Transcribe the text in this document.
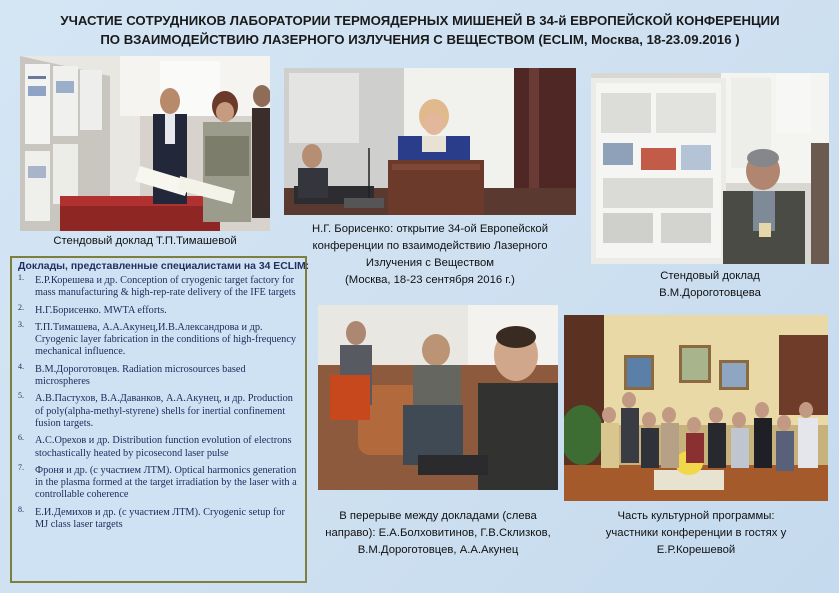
УЧАСТИЕ СОТРУДНИКОВ ЛАБОРАТОРИИ ТЕРМОЯДЕРНЫХ МИШЕНЕЙ В 34-й ЕВРОПЕЙСКОЙ КОНФЕРЕНЦИИ
ПО ВЗАИМОДЕЙСТВИЮ ЛАЗЕРНОГО ИЗЛУЧЕНИЯ С ВЕЩЕСТВОМ (ECLIM, Москва, 18-23.09.2016 )
Стендовый доклад Т.П.Тимашевой
Н.Г. Борисенко: открытие 34-ой Европейской
конференции по взаимодействию Лазерного
Излучения с Веществом
(Москва, 18-23 сентября 2016 г.)	Стендовый доклад
В.М.Дороготовцева
В перерыве между докладами (слева
направо): Е.А.Болховитинов, Г.В.Склизков,
В.М.Дороготовцев, А.А.Акунец
Часть культурной программы:
участники конференции в гостях у
Е.Р.Корешевой
Доклады, представленные специалистами на 34 ECLIM:
1. Е.Р.Корешева и др. Conception of cryogenic target factory for mass manufacturing & high-rep-rate delivery of the IFE targets
2. Н.Г.Борисенко. MWTA efforts.
3. Т.П.Тимашева, А.А.Акунец,И.В.Александрова и др. Cryogenic layer fabrication in the conditions of high-frequency mechanical influence.
4. В.М.Дороготовцев. Radiation microsources based microspheres
5. А.В.Пастухов, В.А.Даванков, А.А.Акунец, и др. Production of poly(alpha-methyl-styrene) shells for inertial confinement fusion targets.
6. А.С.Орехов и др. Distribution function evolution of electrons stochastically heated by picosecond laser pulse
7. Фроня и др. (с участием ЛТМ). Optical harmonics generation in the plasma formed at the target irradiation by the laser with a controllable coherence
8. Е.И.Демихов и др. (с участием ЛТМ). Cryogenic setup for MJ class laser targets
